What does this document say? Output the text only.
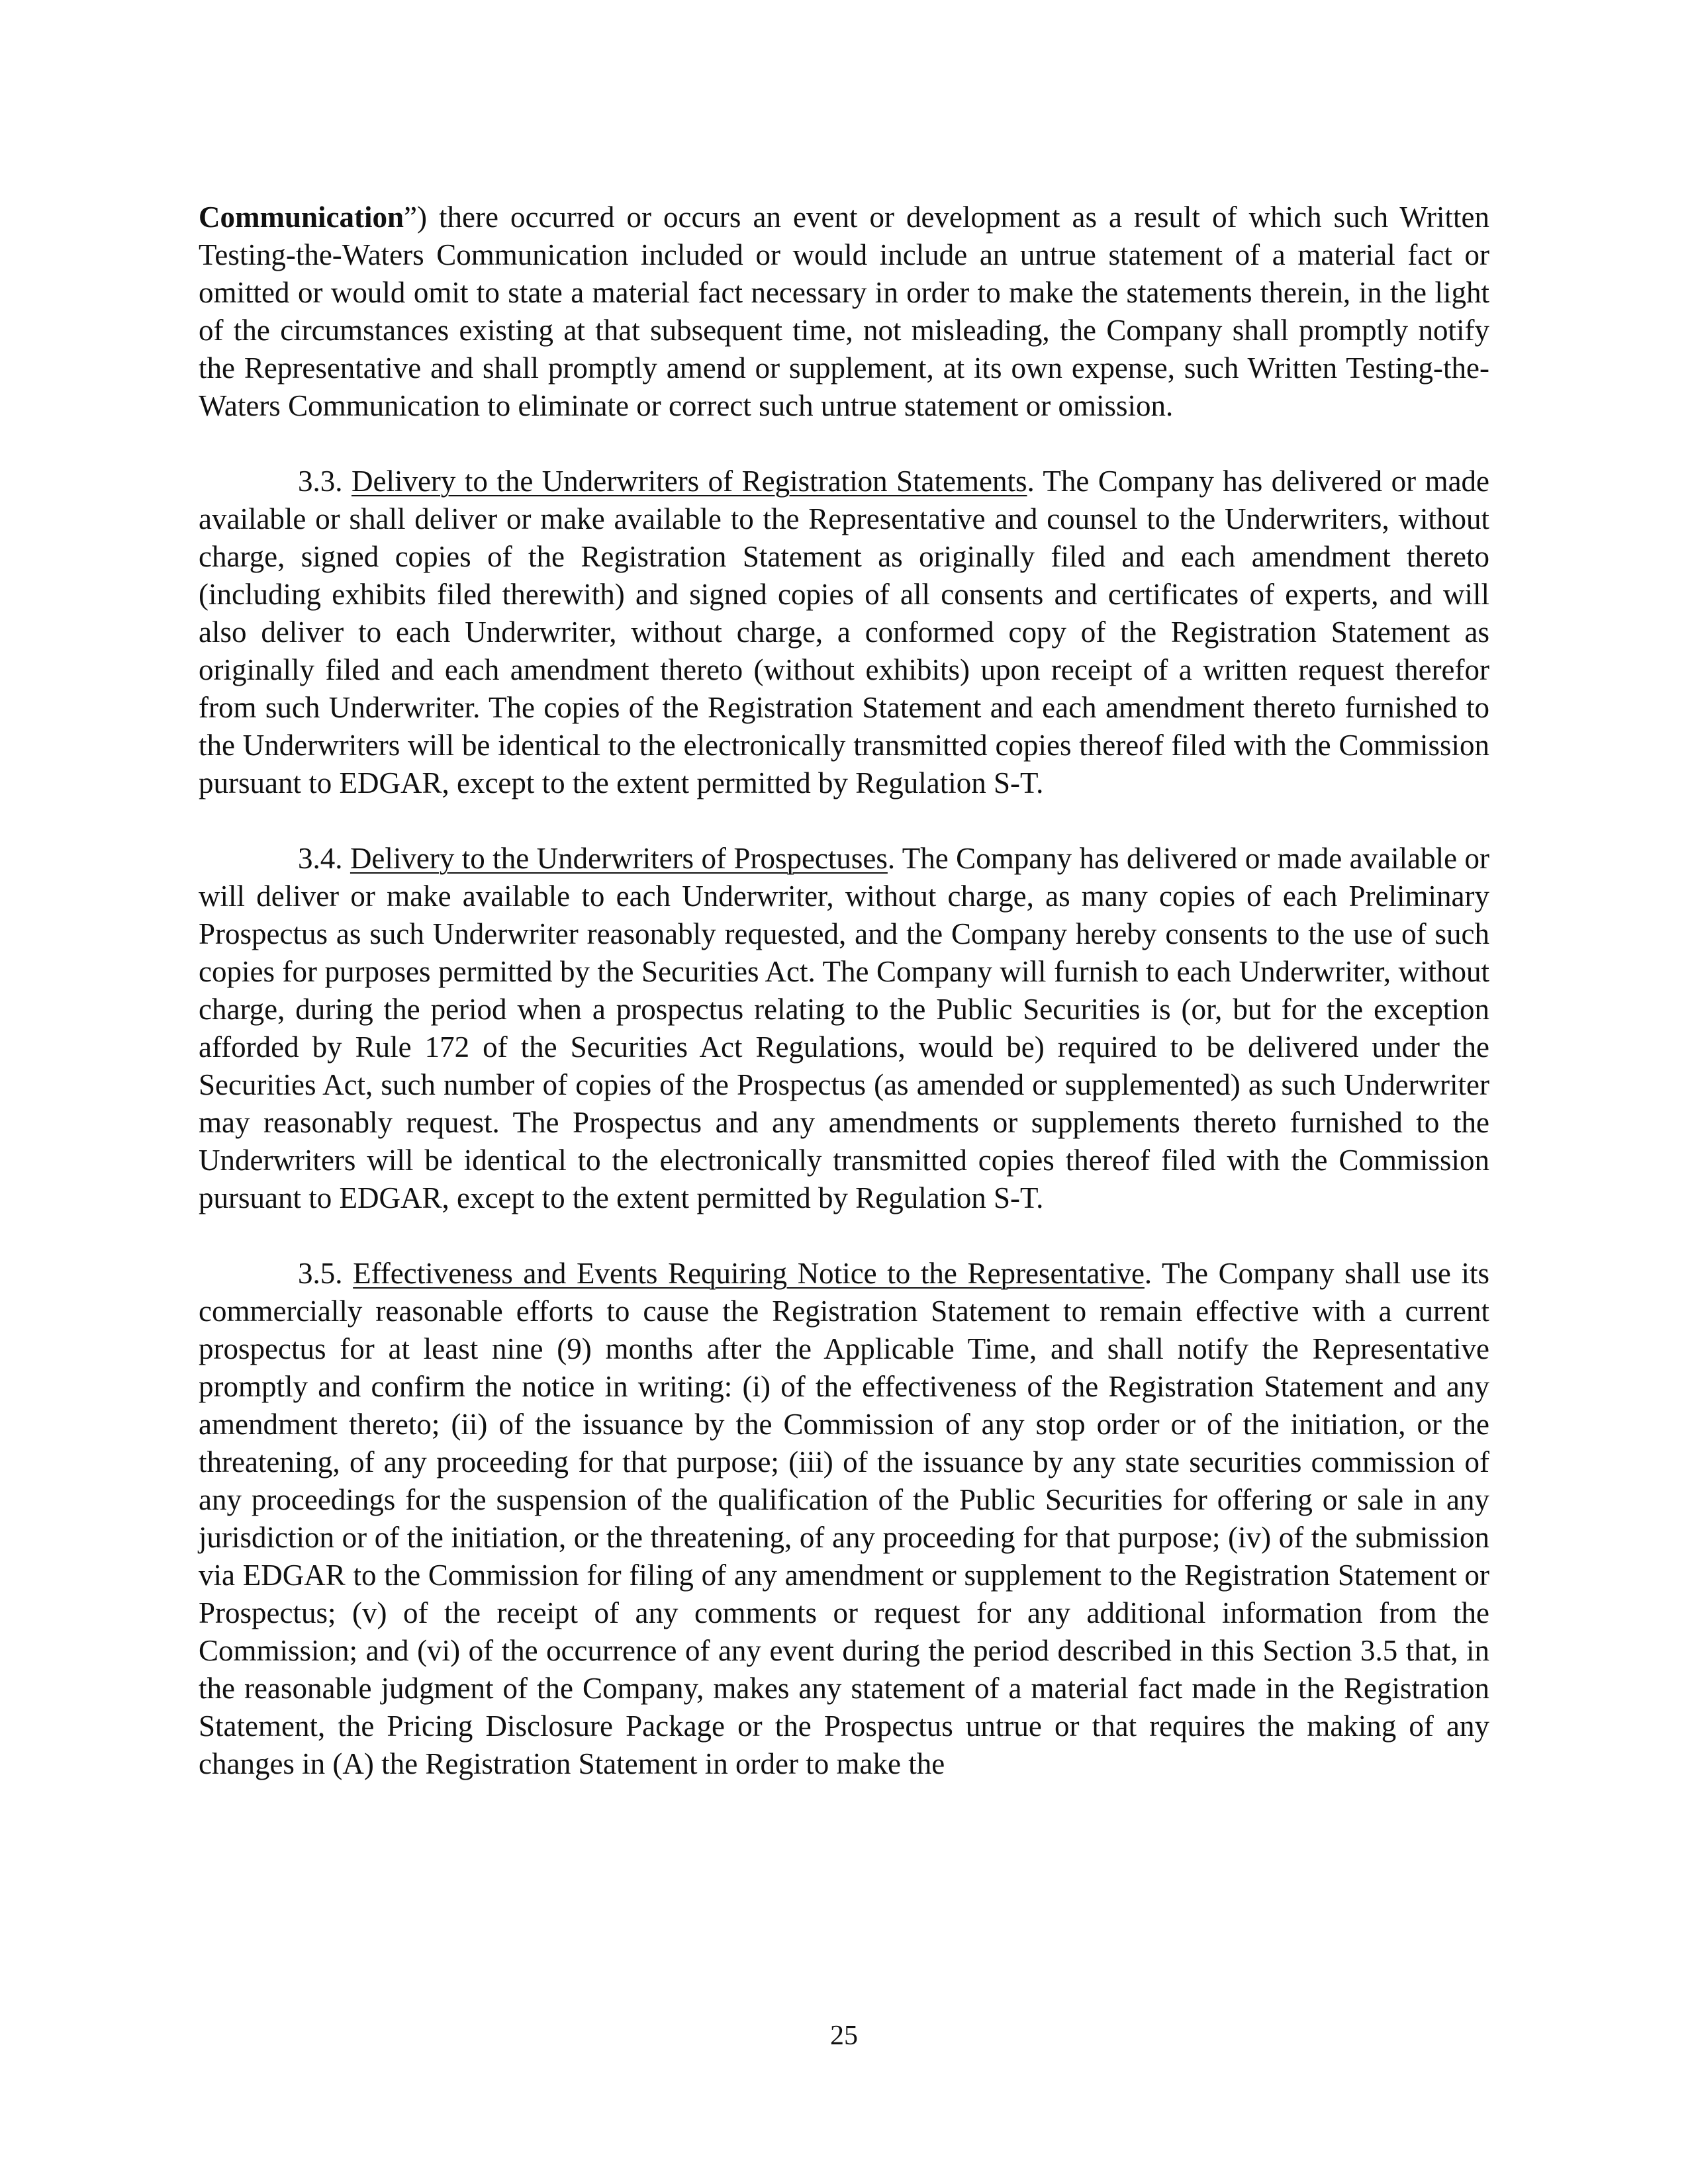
Communication”) there occurred or occurs an event or development as a result of which such Written Testing-the-Waters Communication included or would include an untrue statement of a material fact or omitted or would omit to state a material fact necessary in order to make the statements therein, in the light of the circumstances existing at that subsequent time, not misleading, the Company shall promptly notify the Representative and shall promptly amend or supplement, at its own expense, such Written Testing-the-Waters Communication to eliminate or correct such untrue statement or omission.

3.3. Delivery to the Underwriters of Registration Statements. The Company has delivered or made available or shall deliver or make available to the Representative and counsel to the Underwriters, without charge, signed copies of the Registration Statement as originally filed and each amendment thereto (including exhibits filed therewith) and signed copies of all consents and certificates of experts, and will also deliver to each Underwriter, without charge, a conformed copy of the Registration Statement as originally filed and each amendment thereto (without exhibits) upon receipt of a written request therefor from such Underwriter. The copies of the Registration Statement and each amendment thereto furnished to the Underwriters will be identical to the electronically transmitted copies thereof filed with the Commission pursuant to EDGAR, except to the extent permitted by Regulation S-T.

3.4. Delivery to the Underwriters of Prospectuses. The Company has delivered or made available or will deliver or make available to each Underwriter, without charge, as many copies of each Preliminary Prospectus as such Underwriter reasonably requested, and the Company hereby consents to the use of such copies for purposes permitted by the Securities Act. The Company will furnish to each Underwriter, without charge, during the period when a prospectus relating to the Public Securities is (or, but for the exception afforded by Rule 172 of the Securities Act Regulations, would be) required to be delivered under the Securities Act, such number of copies of the Prospectus (as amended or supplemented) as such Underwriter may reasonably request. The Prospectus and any amendments or supplements thereto furnished to the Underwriters will be identical to the electronically transmitted copies thereof filed with the Commission pursuant to EDGAR, except to the extent permitted by Regulation S-T.

3.5. Effectiveness and Events Requiring Notice to the Representative. The Company shall use its commercially reasonable efforts to cause the Registration Statement to remain effective with a current prospectus for at least nine (9) months after the Applicable Time, and shall notify the Representative promptly and confirm the notice in writing: (i) of the effectiveness of the Registration Statement and any amendment thereto; (ii) of the issuance by the Commission of any stop order or of the initiation, or the threatening, of any proceeding for that purpose; (iii) of the issuance by any state securities commission of any proceedings for the suspension of the qualification of the Public Securities for offering or sale in any jurisdiction or of the initiation, or the threatening, of any proceeding for that purpose; (iv) of the submission via EDGAR to the Commission for filing of any amendment or supplement to the Registration Statement or Prospectus; (v) of the receipt of any comments or request for any additional information from the Commission; and (vi) of the occurrence of any event during the period described in this Section 3.5 that, in the reasonable judgment of the Company, makes any statement of a material fact made in the Registration Statement, the Pricing Disclosure Package or the Prospectus untrue or that requires the making of any changes in (A) the Registration Statement in order to make the

25
